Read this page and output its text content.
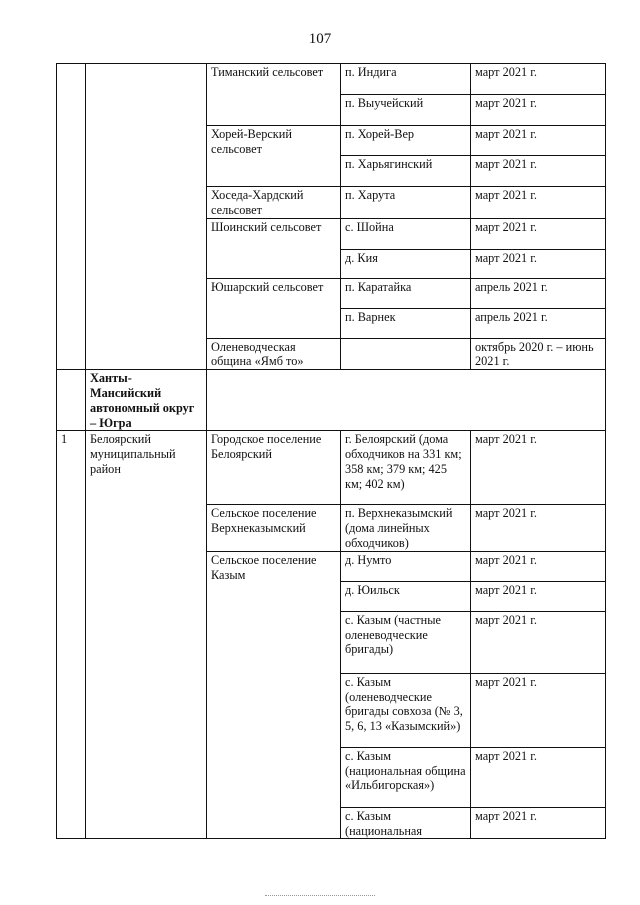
107
		Тиманский сельсовет	п. Индига	март 2021 г.
			п. Выучейский	март 2021 г.
		Хорей-Верский сельсовет	п. Хорей-Вер	март 2021 г.
			п. Харьягинский	март 2021 г.
		Хоседа-Хардский сельсовет	п. Харута	март 2021 г.
		Шоинский сельсовет	с. Шойна	март 2021 г.
			д. Кия	март 2021 г.
		Юшарский сельсовет	п. Каратайка	апрель 2021 г.
			п. Варнек	апрель 2021 г.
		Оленеводческая община «Ямб то»		октябрь 2020 г. – июнь 2021 г.
	Ханты-Мансийский автономный округ – Югра			
1	Белоярский муниципальный район	Городское поселение Белоярский	г. Белоярский (дома обходчиков на 331 км; 358 км; 379 км; 425 км; 402 км)	март 2021 г.
		Сельское поселение Верхнеказымский	п. Верхнеказымский (дома линейных обходчиков)	март 2021 г.
		Сельское поселение Казым	д. Нумто	март 2021 г.
			д. Юильск	март 2021 г.
			с. Казым (частные оленеводческие бригады)	март 2021 г.
			с. Казым (оленеводческие бригады совхоза (№ 3, 5, 6, 13 «Казымский»)	март 2021 г.
			с. Казым (национальная община «Ильбигорская»)	март 2021 г.
			с. Казым (национальная	март 2021 г.
